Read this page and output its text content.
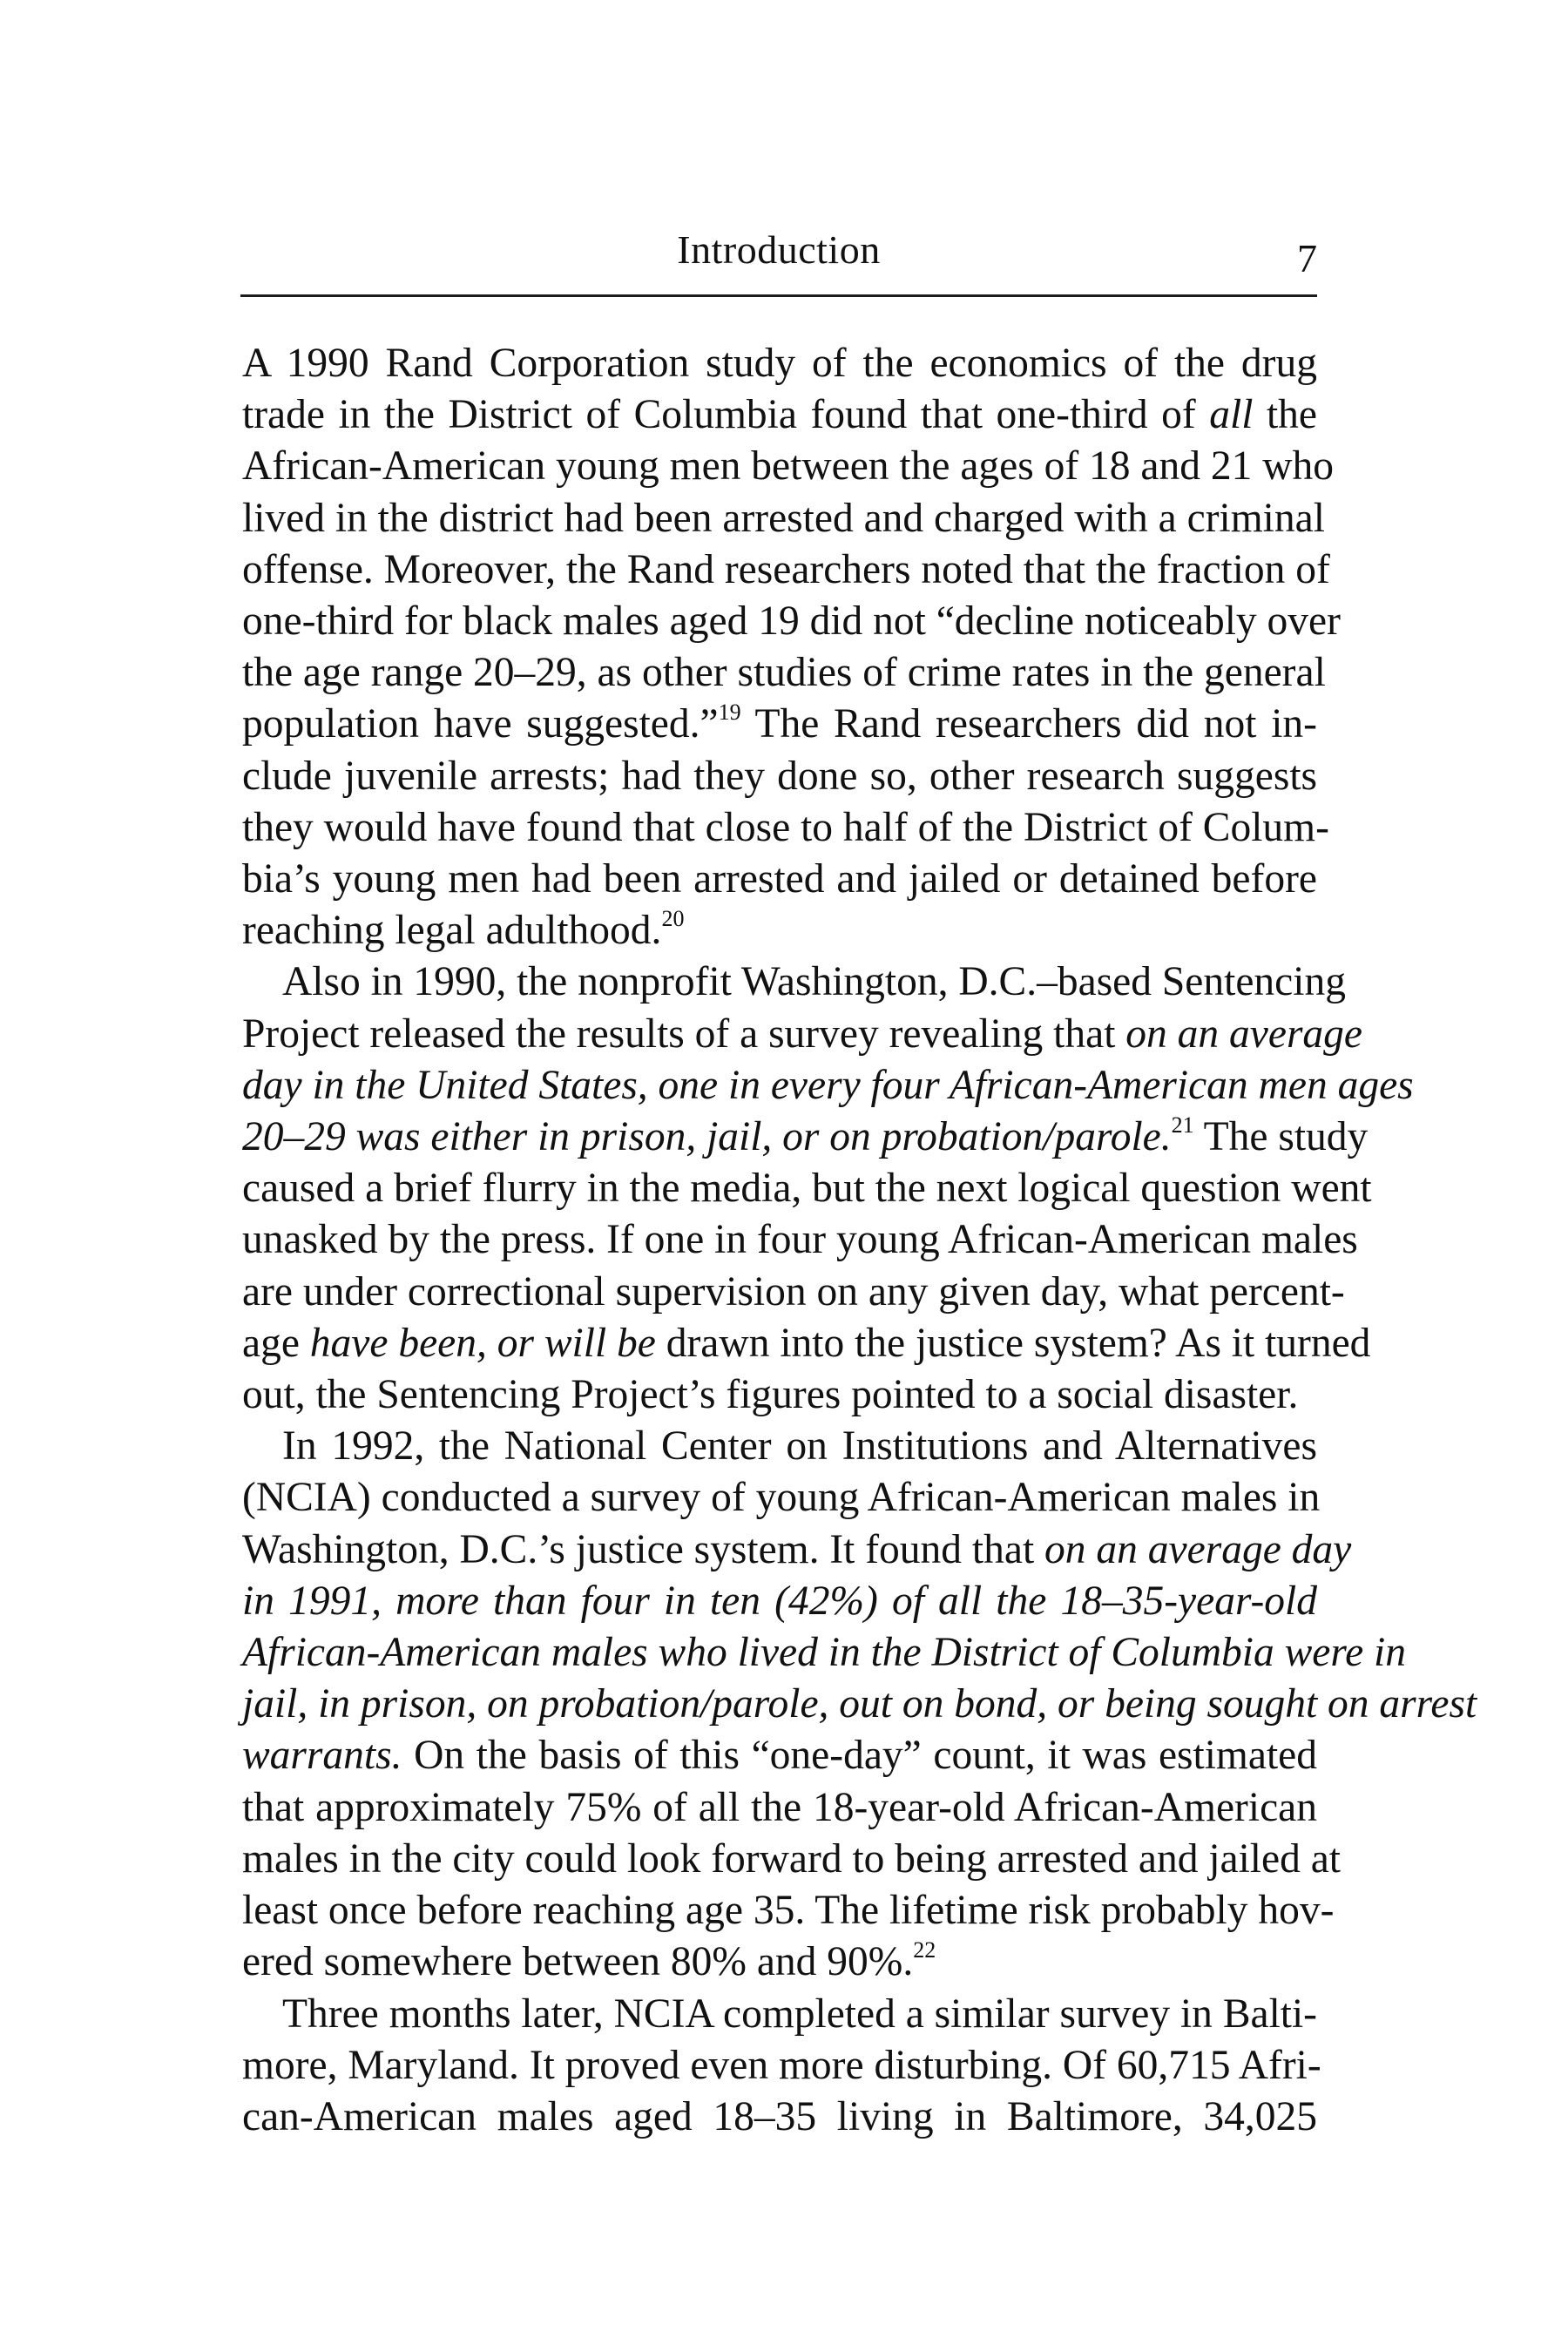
Introduction	7
A 1990 Rand Corporation study of the economics of the drug
trade in the District of Columbia found that one-third of all the
African-American young men between the ages of 18 and 21 who
lived in the district had been arrested and charged with a criminal
offense. Moreover, the Rand researchers noted that the fraction of
one-third for black males aged 19 did not “decline noticeably over
the age range 20–29, as other studies of crime rates in the general
population have suggested.”$^{19}$ The Rand researchers did not in-
clude juvenile arrests; had they done so, other research suggests
they would have found that close to half of the District of Colum-
bia’s young men had been arrested and jailed or detained before
reaching legal adulthood.$^{20}$
Also in 1990, the nonprofit Washington, D.C.–based Sentencing
Project released the results of a survey revealing that on an average
day in the United States, one in every four African-American men ages
20–29 was either in prison, jail, or on probation/parole.$^{21}$ The study
caused a brief flurry in the media, but the next logical question went
unasked by the press. If one in four young African-American males
are under correctional supervision on any given day, what percent-
age have been, or will be drawn into the justice system? As it turned
out, the Sentencing Project’s figures pointed to a social disaster.
In 1992, the National Center on Institutions and Alternatives
(NCIA) conducted a survey of young African-American males in
Washington, D.C.’s justice system. It found that on an average day
in 1991, more than four in ten (42%) of all the 18–35-year-old
African-American males who lived in the District of Columbia were in
jail, in prison, on probation/parole, out on bond, or being sought on arrest
warrants. On the basis of this “one-day” count, it was estimated
that approximately 75% of all the 18-year-old African-American
males in the city could look forward to being arrested and jailed at
least once before reaching age 35. The lifetime risk probably hov-
ered somewhere between 80% and 90%.$^{22}$
Three months later, NCIA completed a similar survey in Balti-
more, Maryland. It proved even more disturbing. Of 60,715 Afri-
can-American males aged 18–35 living in Baltimore, 34,025
